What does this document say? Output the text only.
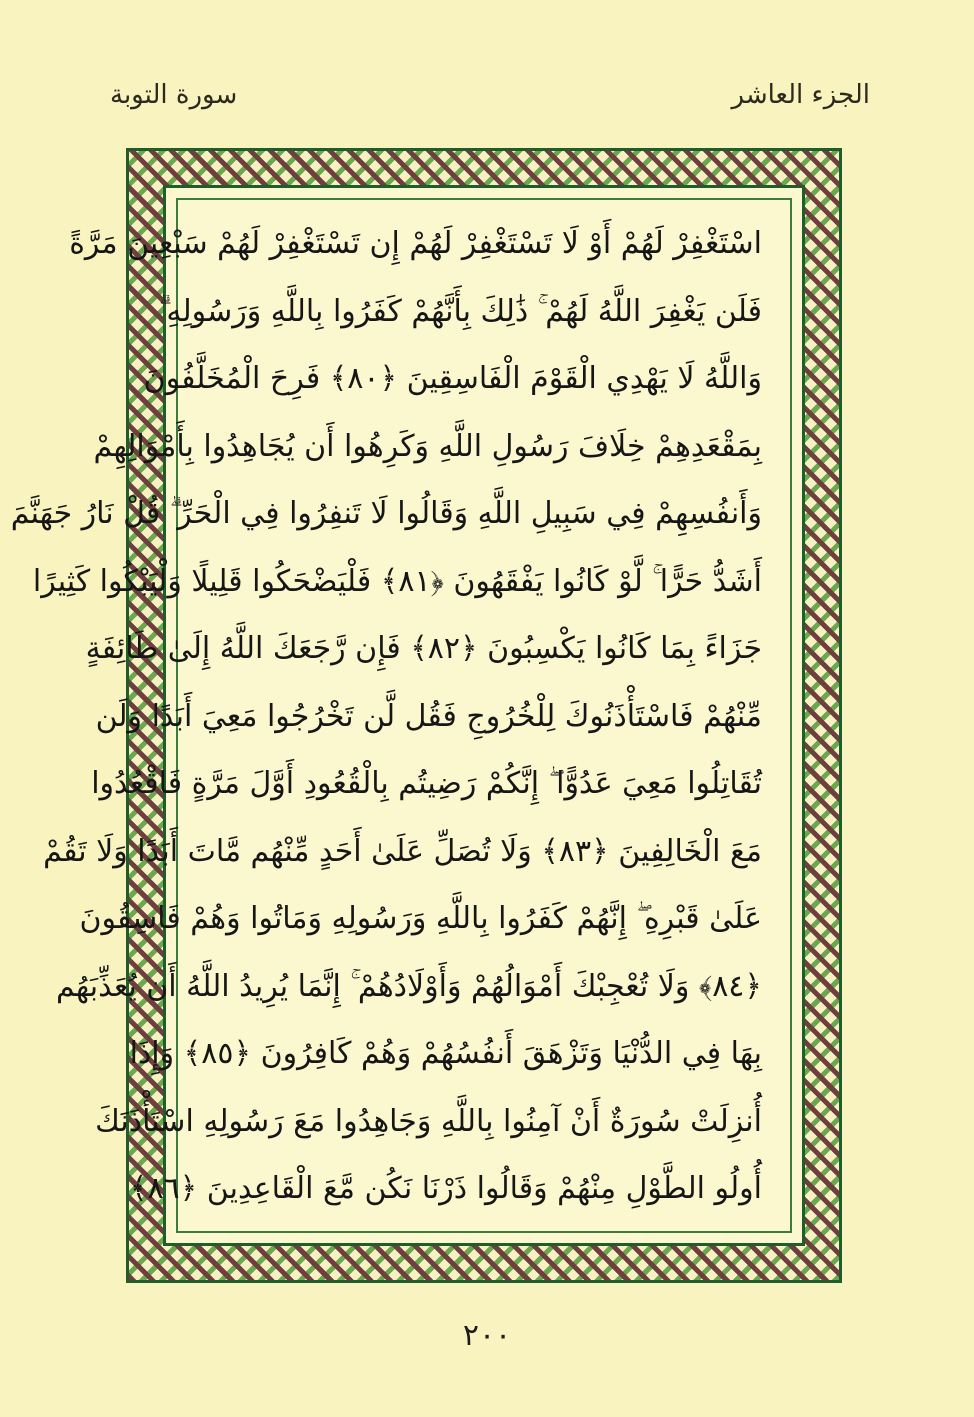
سورة التوبة	الجزء العاشر
اسْتَغْفِرْ لَهُمْ أَوْ لَا تَسْتَغْفِرْ لَهُمْ إِن تَسْتَغْفِرْ لَهُمْ سَبْعِينَ مَرَّةً
فَلَن يَغْفِرَ اللَّهُ لَهُمْ ۚ ذَٰلِكَ بِأَنَّهُمْ كَفَرُوا بِاللَّهِ وَرَسُولِهِ ۗ
وَاللَّهُ لَا يَهْدِي الْقَوْمَ الْفَاسِقِينَ ﴿٨٠﴾ فَرِحَ الْمُخَلَّفُونَ
بِمَقْعَدِهِمْ خِلَافَ رَسُولِ اللَّهِ وَكَرِهُوا أَن يُجَاهِدُوا بِأَمْوَالِهِمْ
وَأَنفُسِهِمْ فِي سَبِيلِ اللَّهِ وَقَالُوا لَا تَنفِرُوا فِي الْحَرِّ ۗ قُلْ نَارُ جَهَنَّمَ
أَشَدُّ حَرًّا ۚ لَّوْ كَانُوا يَفْقَهُونَ ﴿٨١﴾ فَلْيَضْحَكُوا قَلِيلًا وَلْيَبْكُوا كَثِيرًا
جَزَاءً بِمَا كَانُوا يَكْسِبُونَ ﴿٨٢﴾ فَإِن رَّجَعَكَ اللَّهُ إِلَىٰ طَائِفَةٍ
مِّنْهُمْ فَاسْتَأْذَنُوكَ لِلْخُرُوجِ فَقُل لَّن تَخْرُجُوا مَعِيَ أَبَدًا وَلَن
تُقَاتِلُوا مَعِيَ عَدُوًّا ۖ إِنَّكُمْ رَضِيتُم بِالْقُعُودِ أَوَّلَ مَرَّةٍ فَاقْعُدُوا
مَعَ الْخَالِفِينَ ﴿٨٣﴾ وَلَا تُصَلِّ عَلَىٰ أَحَدٍ مِّنْهُم مَّاتَ أَبَدًا وَلَا تَقُمْ
عَلَىٰ قَبْرِهِ ۖ إِنَّهُمْ كَفَرُوا بِاللَّهِ وَرَسُولِهِ وَمَاتُوا وَهُمْ فَاسِقُونَ
﴿٨٤﴾ وَلَا تُعْجِبْكَ أَمْوَالُهُمْ وَأَوْلَادُهُمْ ۚ إِنَّمَا يُرِيدُ اللَّهُ أَن يُعَذِّبَهُم
بِهَا فِي الدُّنْيَا وَتَزْهَقَ أَنفُسُهُمْ وَهُمْ كَافِرُونَ ﴿٨٥﴾ وَإِذَا
أُنزِلَتْ سُورَةٌ أَنْ آمِنُوا بِاللَّهِ وَجَاهِدُوا مَعَ رَسُولِهِ اسْتَأْذَنَكَ
أُولُو الطَّوْلِ مِنْهُمْ وَقَالُوا ذَرْنَا نَكُن مَّعَ الْقَاعِدِينَ ﴿٨٦﴾
٢٠٠
